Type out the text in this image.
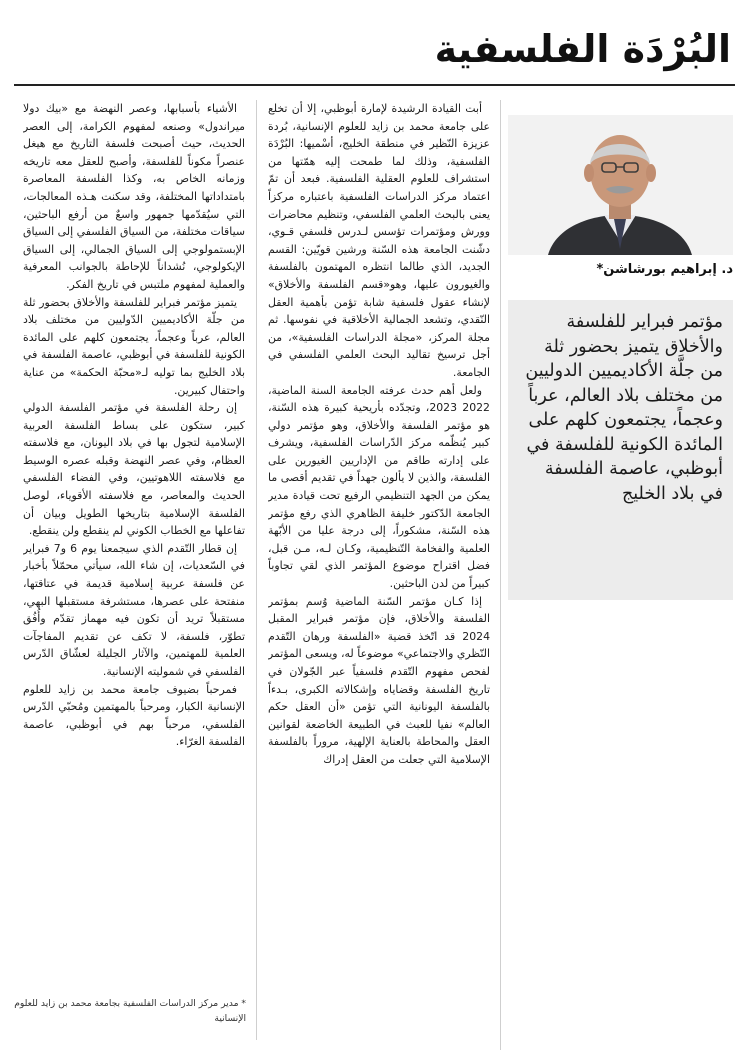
البُرْدَة الفلسفية
د. إبراهيم بورشاشن*
مؤتمر فبراير للفلسفة والأخلاق يتميز بحضور ثلة من جلَّة الأكاديميين الدوليين من مختلف بلاد العالم، عرباً وعجماً، يجتمعون كلهم على المائدة الكونية للفلسفة في أبوظبي، عاصمة الفلسفة في بلاد الخليج

أبت القيادة الرشيدة لإمارة أبوظبي، إلا أن تخلع على جامعة محمد بن زايد للعلوم الإنسانية، بُردة عزيزة النّظير في منطقة الخليج، أسْميها: البُرْدَة الفلسفية، وذلك لما طمحت إليه همّتها من استشراف للعلوم العقلية الفلسفية. فبعد أن تمّ اعتماد مركز الدراسات الفلسفية باعتباره مركزاً يعنى بالبحث العلمي الفلسفي، وتنظيم محاضرات وورش ومؤتمرات تؤسس لـدرس فلسفي قـوي، دشّنت الجامعة هذه السّنة ورشين قويّين: القسم الجديد، الذي طالما انتظره المهتمون بالفلسفة والغيورون عليها، وهو«قسم الفلسفة والأخلاق» لإنشاء عقول فلسفية شابة تؤمن بأهمية العقل النّقدي، وتشعد الجمالية الأخلاقية في نفوسها. ثم مجلة المركز، «مجلة الدراسات الفلسفية»، من أجل ترسيخ تقاليد البحث العلمي الفلسفي في الجامعة.

ولعل أهم حدث عرفته الجامعة السنة الماضية، 2022 2023، وتجدّده بأريحية كبيرة هذه السّنة، هو مؤتمر الفلسفة والأخلاق، وهو مؤتمر دولي كبير يُنظّمه مركز الدّراسات الفلسفية، ويشرف على إدارته طاقم من الإداريين الغيورين على الفلسفة، والذين لا يألون جهداً في تقديم أقصى ما يمكن من الجهد التنظيمي الرفيع تحت قيادة مدير الجامعة الدّكتور خليفة الظاهري الذي رفع مؤتمر هذه السّنة، مشكوراً، إلى درجة عليا من الأبّهة العلمية والفخامة التّنظيمية، وكـان لـه، مـن قبل، فضل اقتراح موضوع المؤتمر الذي لقي تجاوباً كبيراً من لدن الباحثين.

إذا كـان مؤتمر السّنة الماضية وُسم بمؤتمر الفلسفة والأخلاق، فإن مؤتمر فبراير المقبل 2024 قد اتّخذ قضية «الفلسفة ورهان التّقدم النّظري والاجتماعي» موضوعاً له، ويسعى المؤتمر لفحص مفهوم التّقدم فلسفياً عبر الجّولان في تاريخ الفلسفة وقضاياه وإشكالاته الكبرى، بـدءاً بالفلسفة اليونانية التي تؤمن «أن العقل حكم العالم» نفيا للعبث في الطبيعة الخاضعة لقوانين العقل والمحاطة بالعناية الإلهية، مروراً بالفلسفة الإسلامية التي جعلت من العقل إدراك

الأشياء بأسبابها، وعصر النهضة مع «بيك دولا ميراندول» وصنعه لمفهوم الكرامة، إلى العصر الحديث، حيث أصبحت فلسفة التاريخ مع هيغل عنصراً مكوناً للفلسفة، وأصبح للعقل معه تاريخه وزمانه الخاص به، وكذا الفلسفة المعاصرة بامتداداتها المختلفة، وقد سكنت هـذه المعالجات، التي سيُقدّمها جمهور واسعٌ من أرفع الباحثين، سياقات مختلفة، من السياق الفلسفي إلى السياق الإبستمولوجي إلى السياق الجمالي، إلى السياق الإيكولوجي، نُشداناً للإحاطة بالجوانب المعرفية والعملية لمفهوم ملتبس في تاريخ الفكر.

يتميز مؤتمر فبراير للفلسفة والأخلاق بحضور ثلة من جلّة الأكاديميين الدّوليين من مختلف بلاد العالم، عرباً وعجماً، يجتمعون كلهم على المائدة الكونية للفلسفة في أبوظبي، عاصمة الفلسفة في بلاد الخليج بما توليه لـ«محبّة الحكمة» من عناية واحتفال كبيرين.

إن رحلة الفلسفة في مؤتمر الفلسفة الدولي كبير، ستكون على بساط الفلسفة العربية الإسلامية لتجول بها في بلاد اليونان، مع فلاسفته العظام، وفي عصر النهضة وقبله عصره الوسيط مع فلاسفته اللاهوتيين، وفي الفضاء الفلسفي الحديث والمعاصر، مع فلاسفته الأقوياء، لوصل الفلسفة الإسلامية بتاريخها الطويل وبيان أن تفاعلها مع الخطاب الكوني لم ينقطع ولن ينقطع.

إن قطار التّقدم الذي سيجمعنا يوم 6 و7 فبراير في السّعديات، إن شاء الله، سيأتي محمّلاً بأخبار عن فلسفة عربية إسلامية قديمة في عتاقتها، منفتحة على عصرها، مستشرفة مستقبلها البهي، مستقبلاً تريد أن تكون فيه مهماز تقدّم وأُفُق تطوّر، فلسفة، لا تكف عن تقديم المفاجآت العلمية للمهتمين، والآثار الجليلة لعشّاق الدّرس الفلسفي في شموليته الإنسانية.

فمرحباً بضيوف جامعة محمد بن زايد للعلوم الإنسانية الكبار، ومرحباً بالمهتمين ومُحبّي الدّرس الفلسفي، مرحباً بهم في أبوظبي، عاصمة الفلسفة الغرّاء.

* مدير مركز الدراسات الفلسفية بجامعة محمد بن زايد للعلوم الإنسانية
